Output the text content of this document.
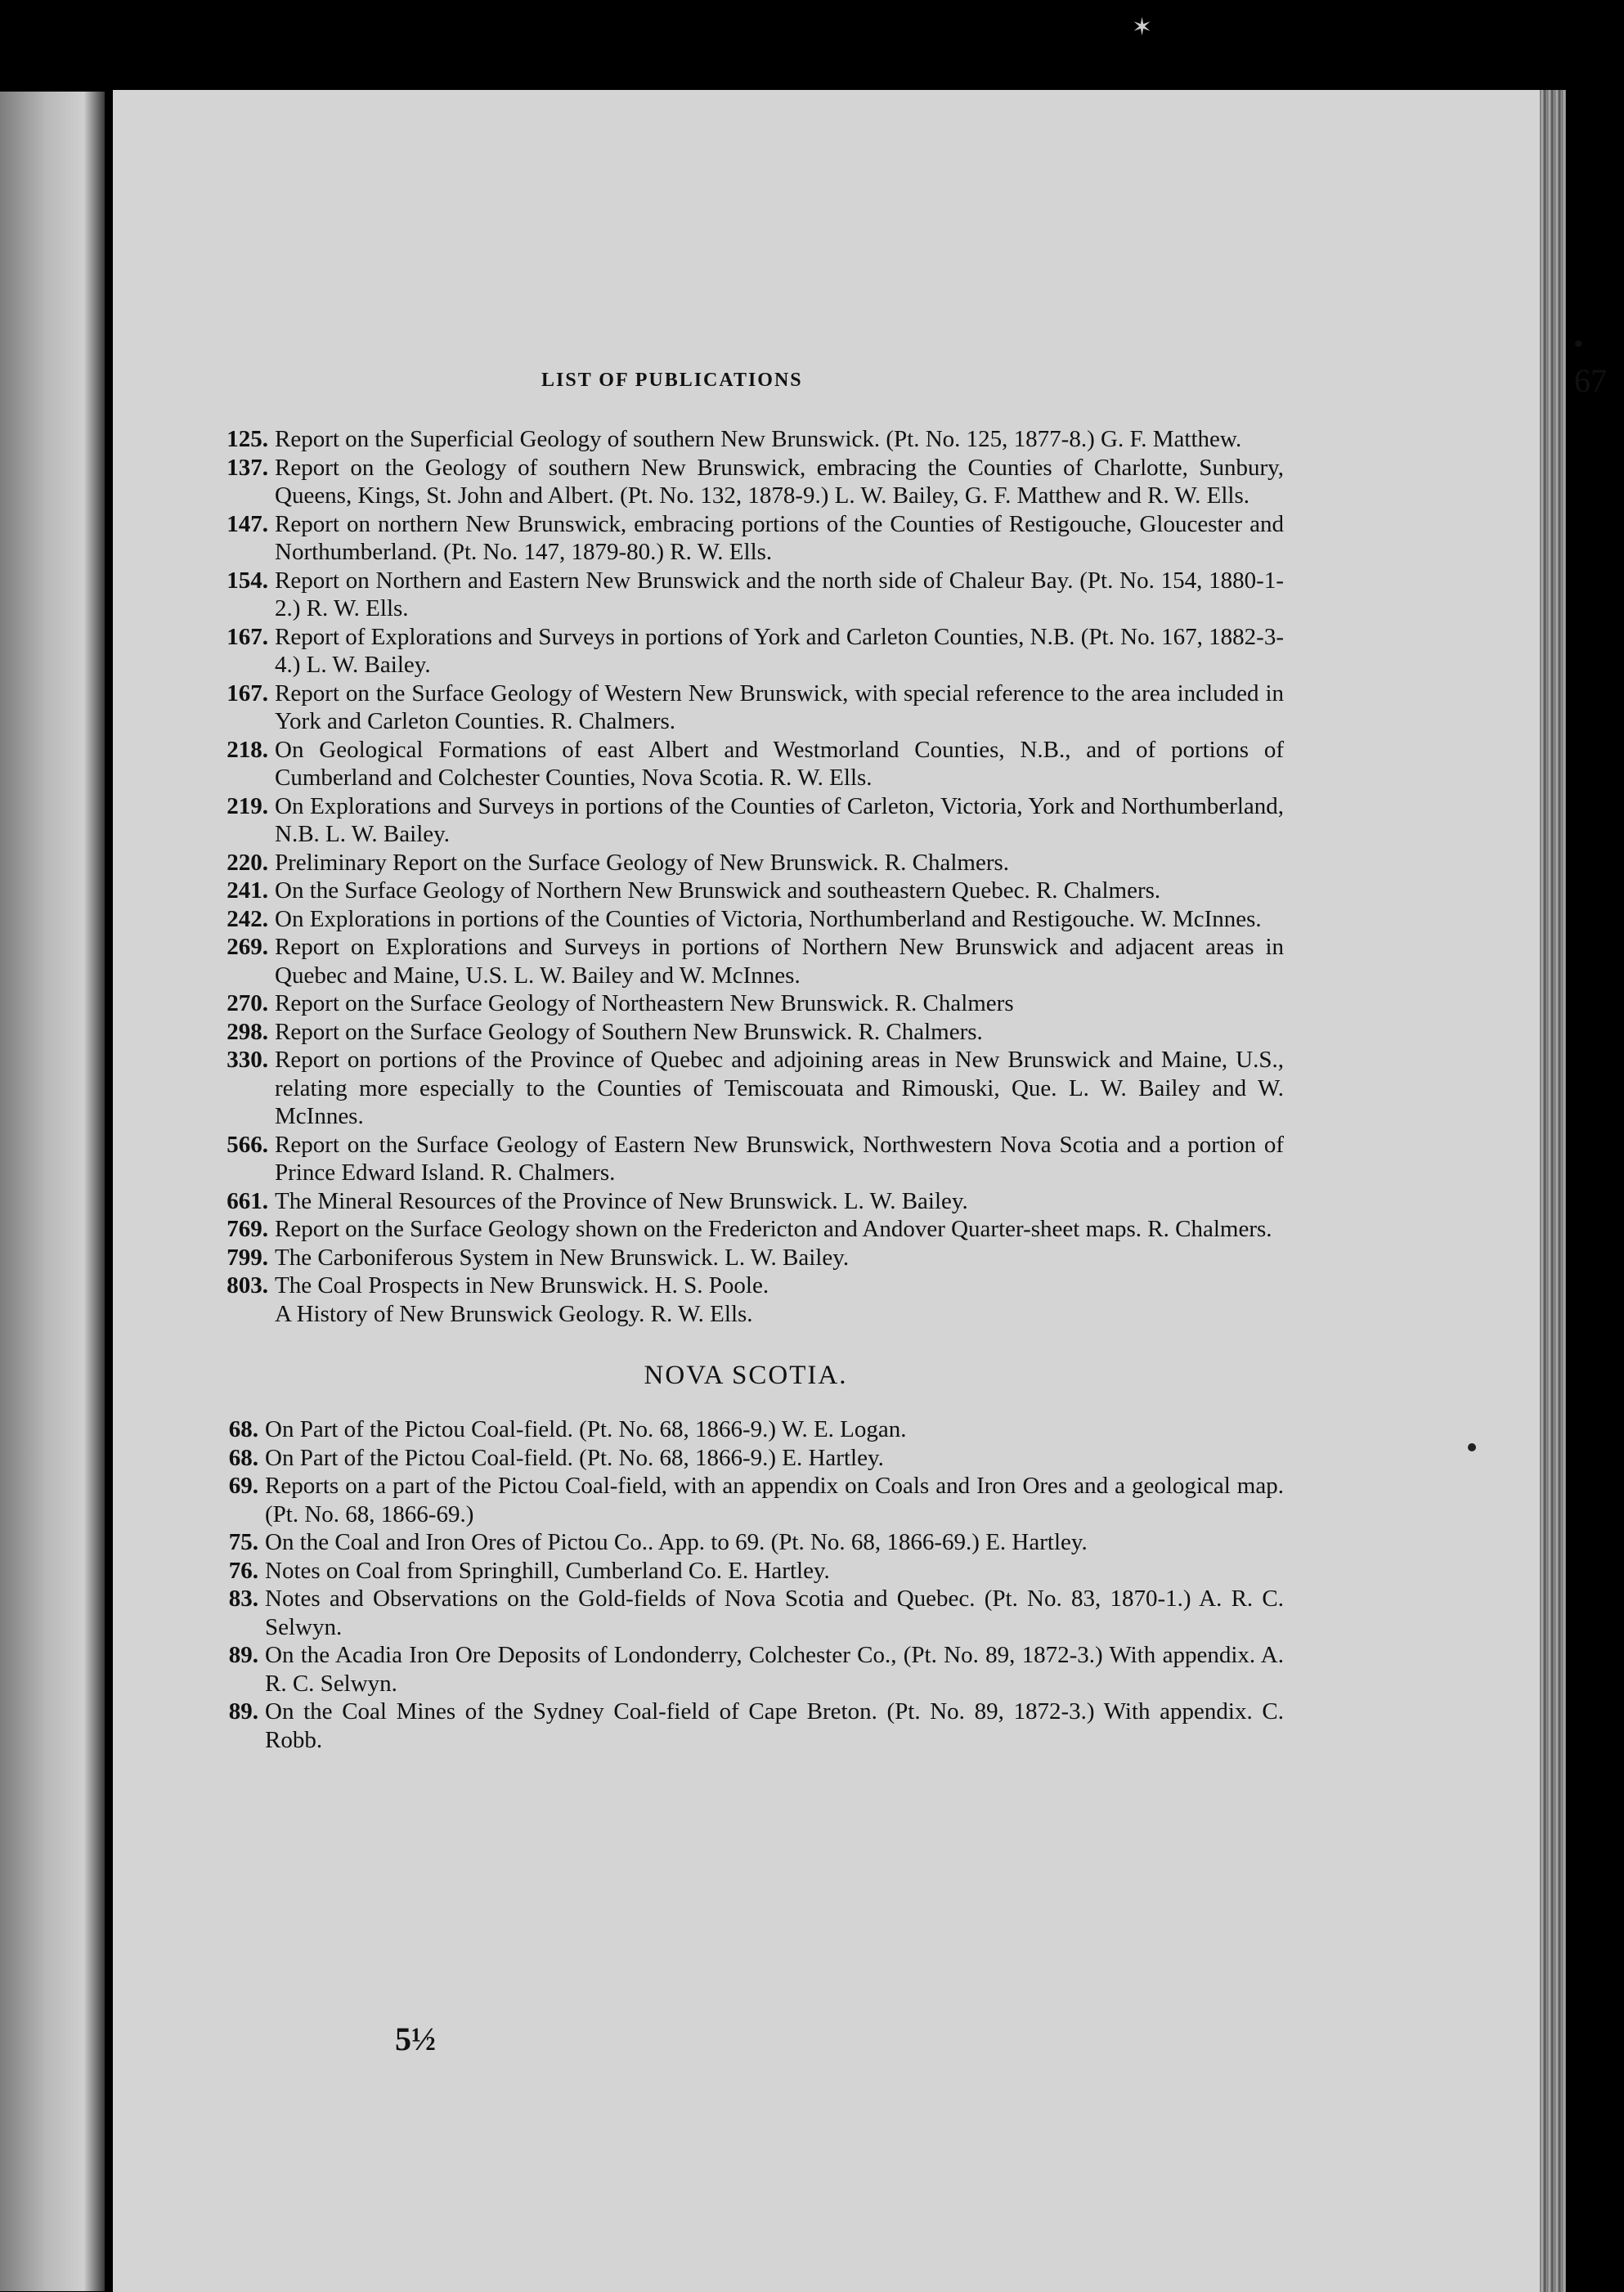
✶
LIST OF PUBLICATIONS
•
67
125. Report on the Superficial Geology of southern New Brunswick. (Pt. No. 125, 1877-8.) G. F. Matthew.
137. Report on the Geology of southern New Brunswick, embracing the Counties of Charlotte, Sunbury, Queens, Kings, St. John and Albert. (Pt. No. 132, 1878-9.) L. W. Bailey, G. F. Matthew and R. W. Ells.
147. Report on northern New Brunswick, embracing portions of the Counties of Restigouche, Gloucester and Northumberland. (Pt. No. 147, 1879-80.) R. W. Ells.
154. Report on Northern and Eastern New Brunswick and the north side of Chaleur Bay. (Pt. No. 154, 1880-1-2.) R. W. Ells.
167. Report of Explorations and Surveys in portions of York and Carleton Counties, N.B. (Pt. No. 167, 1882-3-4.) L. W. Bailey.
167. Report on the Surface Geology of Western New Brunswick, with special reference to the area included in York and Carleton Counties. R. Chalmers.
218. On Geological Formations of east Albert and Westmorland Counties, N.B., and of portions of Cumberland and Colchester Counties, Nova Scotia. R. W. Ells.
219. On Explorations and Surveys in portions of the Counties of Carleton, Victoria, York and Northumberland, N.B. L. W. Bailey.
220. Preliminary Report on the Surface Geology of New Brunswick. R. Chalmers.
241. On the Surface Geology of Northern New Brunswick and southeastern Quebec. R. Chalmers.
242. On Explorations in portions of the Counties of Victoria, Northumberland and Restigouche. W. McInnes.
269. Report on Explorations and Surveys in portions of Northern New Brunswick and adjacent areas in Quebec and Maine, U.S. L. W. Bailey and W. McInnes.
270. Report on the Surface Geology of Northeastern New Brunswick. R. Chalmers
298. Report on the Surface Geology of Southern New Brunswick. R. Chalmers.
330. Report on portions of the Province of Quebec and adjoining areas in New Brunswick and Maine, U.S., relating more especially to the Counties of Temiscouata and Rimouski, Que. L. W. Bailey and W. McInnes.
566. Report on the Surface Geology of Eastern New Brunswick, Northwestern Nova Scotia and a portion of Prince Edward Island. R. Chalmers.
661. The Mineral Resources of the Province of New Brunswick. L. W. Bailey.
769. Report on the Surface Geology shown on the Fredericton and Andover Quarter-sheet maps. R. Chalmers.
799. The Carboniferous System in New Brunswick. L. W. Bailey.
803. The Coal Prospects in New Brunswick. H. S. Poole.
A History of New Brunswick Geology. R. W. Ells.
NOVA SCOTIA.
68. On Part of the Pictou Coal-field. (Pt. No. 68, 1866-9.) W. E. Logan.
68. On Part of the Pictou Coal-field. (Pt. No. 68, 1866-9.) E. Hartley.
69. Reports on a part of the Pictou Coal-field, with an appendix on Coals and Iron Ores and a geological map. (Pt. No. 68, 1866-69.)
75. On the Coal and Iron Ores of Pictou Co.. App. to 69. (Pt. No. 68, 1866-69.) E. Hartley.
76. Notes on Coal from Springhill, Cumberland Co. E. Hartley.
83. Notes and Observations on the Gold-fields of Nova Scotia and Quebec. (Pt. No. 83, 1870-1.) A. R. C. Selwyn.
89. On the Acadia Iron Ore Deposits of Londonderry, Colchester Co., (Pt. No. 89, 1872-3.) With appendix. A. R. C. Selwyn.
89. On the Coal Mines of the Sydney Coal-field of Cape Breton. (Pt. No. 89, 1872-3.) With appendix. C. Robb.
5½
